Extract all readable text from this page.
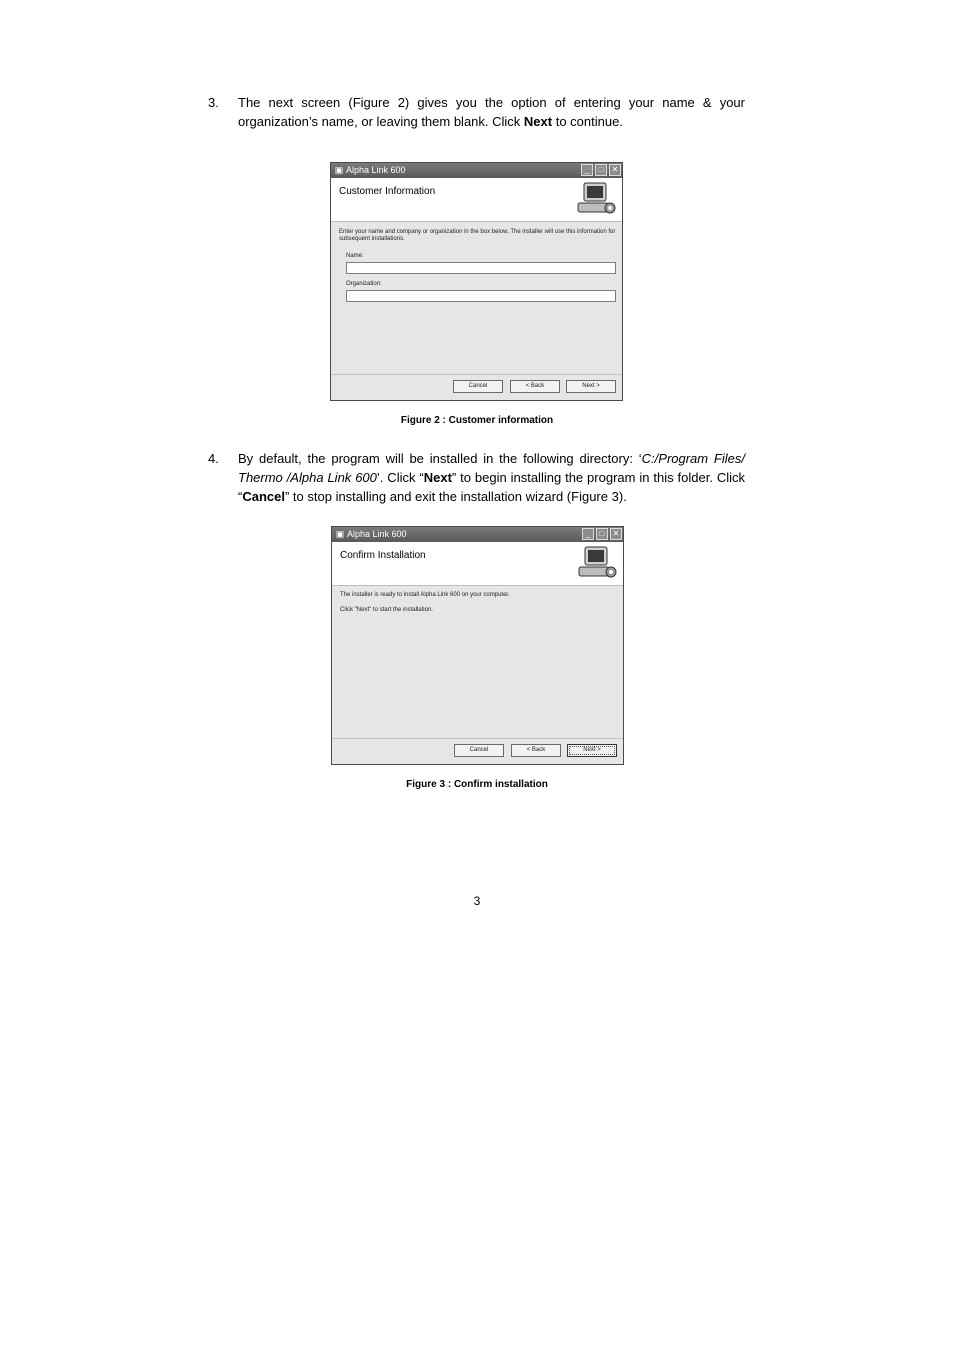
3. The next screen (Figure 2) gives you the option of entering your name & your organization’s name, or leaving them blank. Click Next to continue.
▣ Alpha Link 600	_	□	✕
Customer Information
Enter your name and company or organization in the box below. The installer will use this information for subsequent installations.
Name:
Organization:
Cancel	< Back	Next >
Figure 2 : Customer information
4. By default, the program will be installed in the following directory: ‘C:/Program Files/ Thermo /Alpha Link 600’. Click “Next” to begin installing the program in this folder. Click “Cancel” to stop installing and exit the installation wizard (Figure 3).
▣ Alpha Link 600	_	□	✕
Confirm Installation
The installer is ready to install Alpha Link 600 on your computer.
Click "Next" to start the installation.
Cancel	< Back	Next >
Figure 3 : Confirm installation
3
